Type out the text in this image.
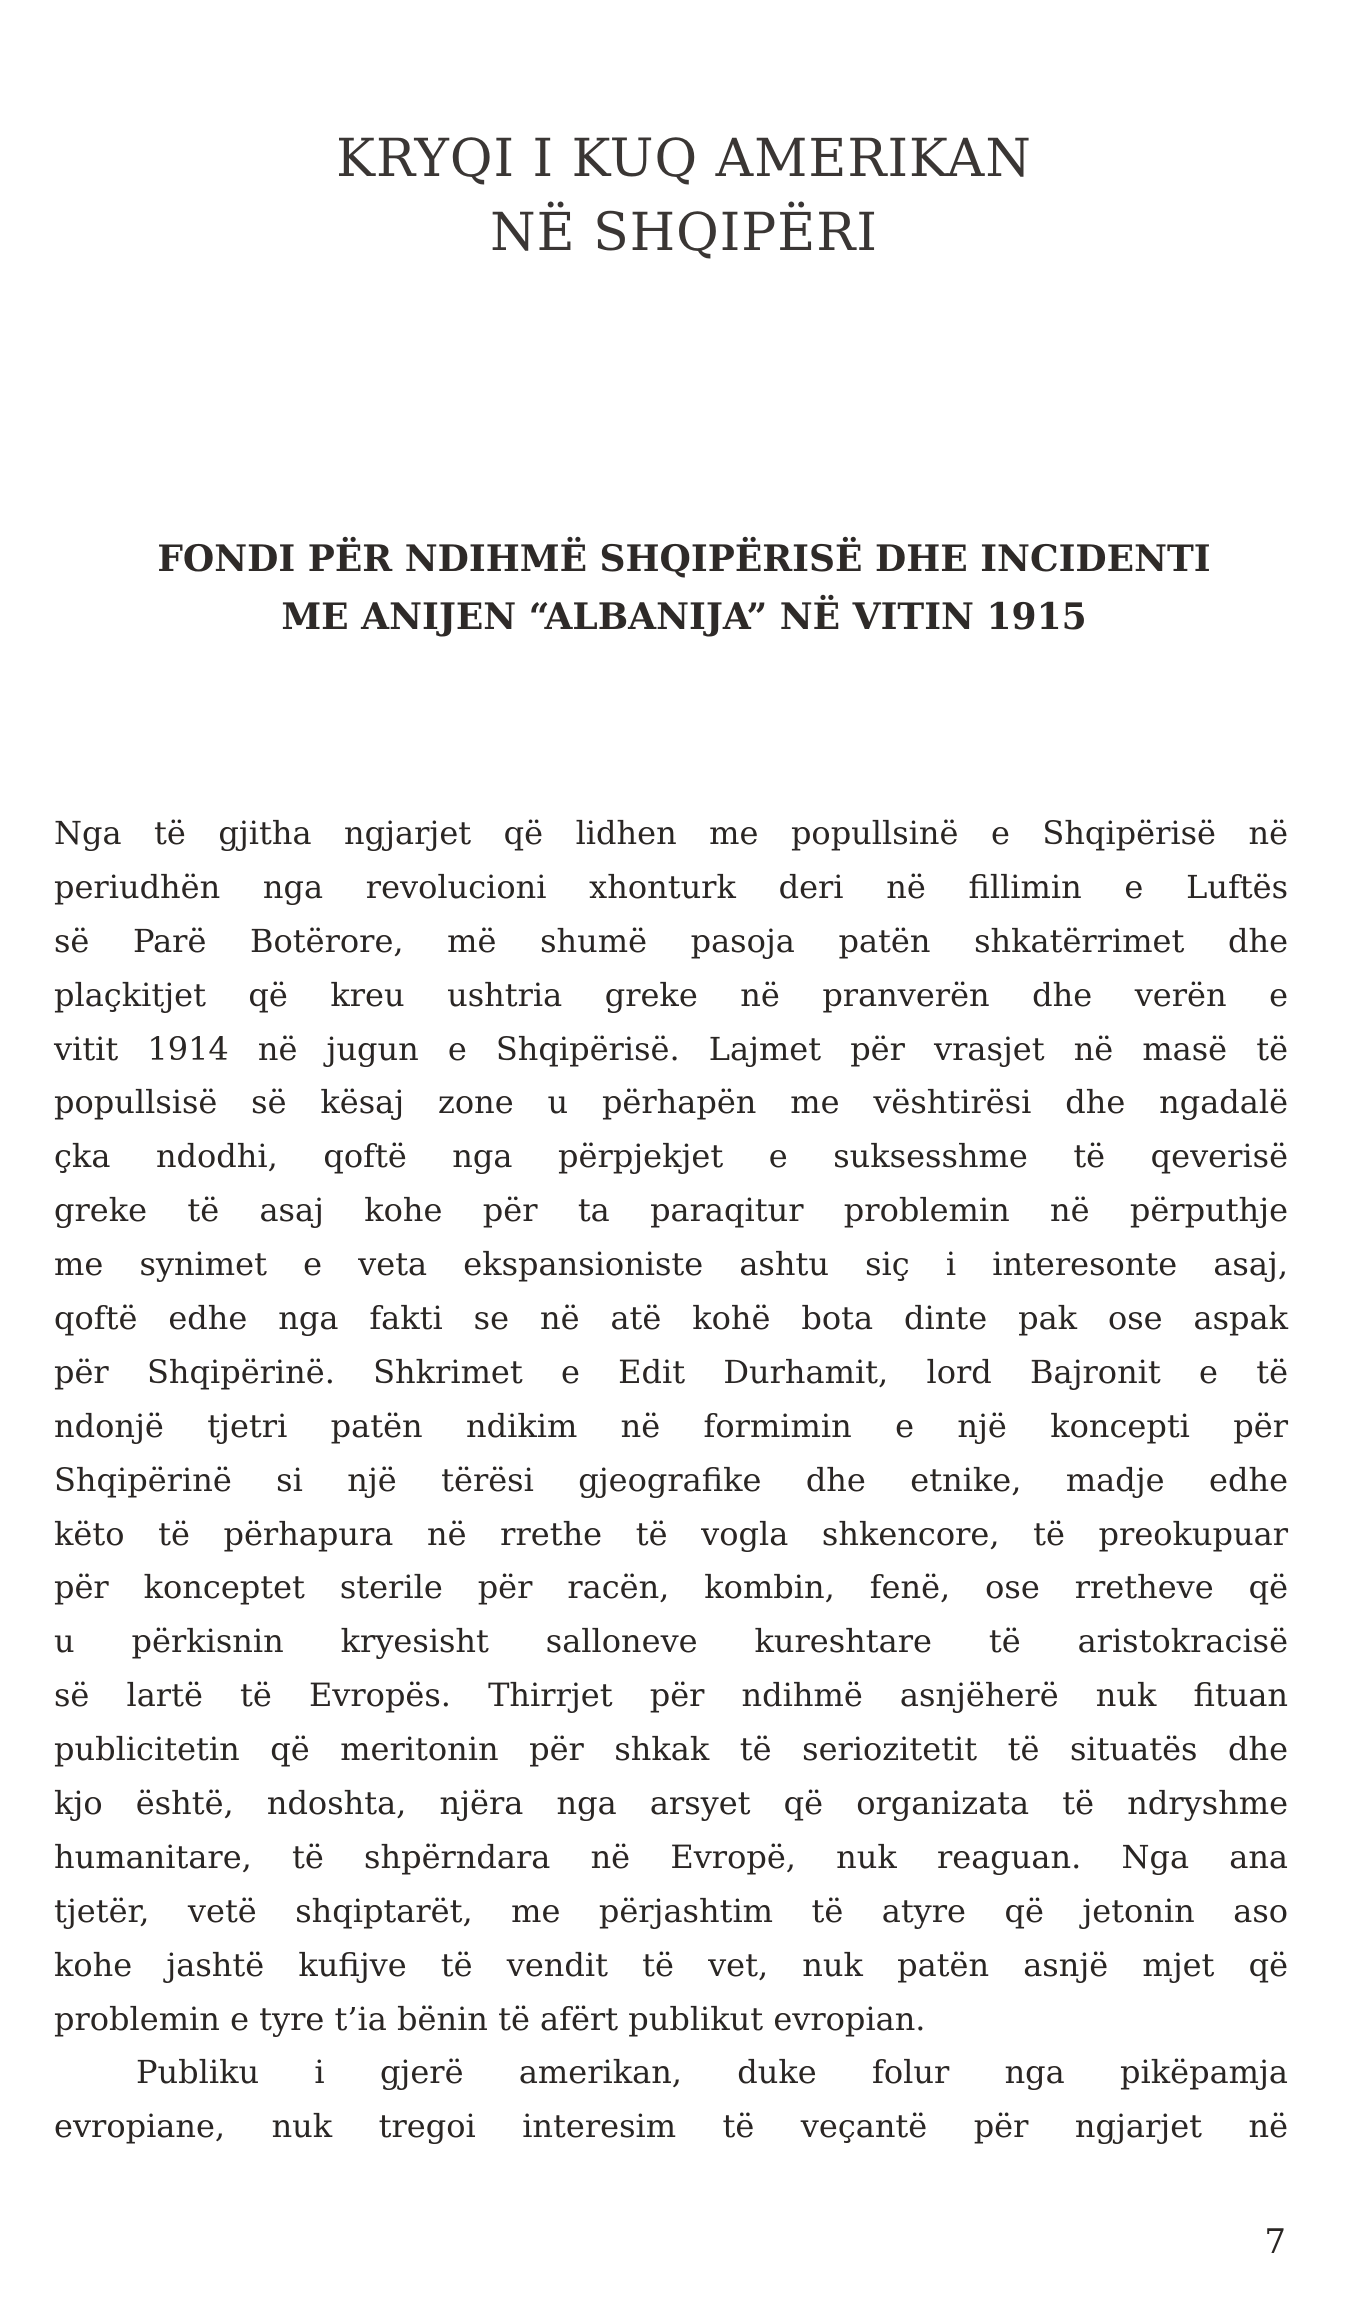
KRYQI I KUQ AMERIKAN
NË SHQIPËRI
FONDI PËR NDIHMË SHQIPËRISË DHE INCIDENTI
ME ANIJEN “ALBANIJA” NË VITIN 1915

Nga të gjitha ngjarjet që lidhen me popullsinë e Shqipërisë në
periudhën nga revolucioni xhonturk deri në fillimin e Luftës
së Parë Botërore, më shumë pasoja patën shkatërrimet dhe
plaçkitjet që kreu ushtria greke në pranverën dhe verën e
vitit 1914 në jugun e Shqipërisë. Lajmet për vrasjet në masë të
popullsisë së kësaj zone u përhapën me vështirësi dhe ngadalë
çka ndodhi, qoftë nga përpjekjet e suksesshme të qeverisë
greke të asaj kohe për ta paraqitur problemin në përputhje
me synimet e veta ekspansioniste ashtu siç i interesonte asaj,
qoftë edhe nga fakti se në atë kohë bota dinte pak ose aspak
për Shqipërinë. Shkrimet e Edit Durhamit, lord Bajronit e të
ndonjë tjetri patën ndikim në formimin e një koncepti për
Shqipërinë si një tërësi gjeografike dhe etnike, madje edhe
këto të përhapura në rrethe të vogla shkencore, të preokupuar
për konceptet sterile për racën, kombin, fenë, ose rretheve që
u përkisnin kryesisht salloneve kureshtare të aristokracisë
së lartë të Evropës. Thirrjet për ndihmë asnjëherë nuk fituan
publicitetin që meritonin për shkak të seriozitetit të situatës dhe
kjo është, ndoshta, njëra nga arsyet që organizata të ndryshme
humanitare, të shpërndara në Evropë, nuk reaguan. Nga ana
tjetër, vetë shqiptarët, me përjashtim të atyre që jetonin aso
kohe jashtë kufijve të vendit të vet, nuk patën asnjë mjet që
problemin e tyre t’ia bënin të afërt publikut evropian.

Publiku i gjerë amerikan, duke folur nga pikëpamja
evropiane, nuk tregoi interesim të veçantë për ngjarjet në

7
